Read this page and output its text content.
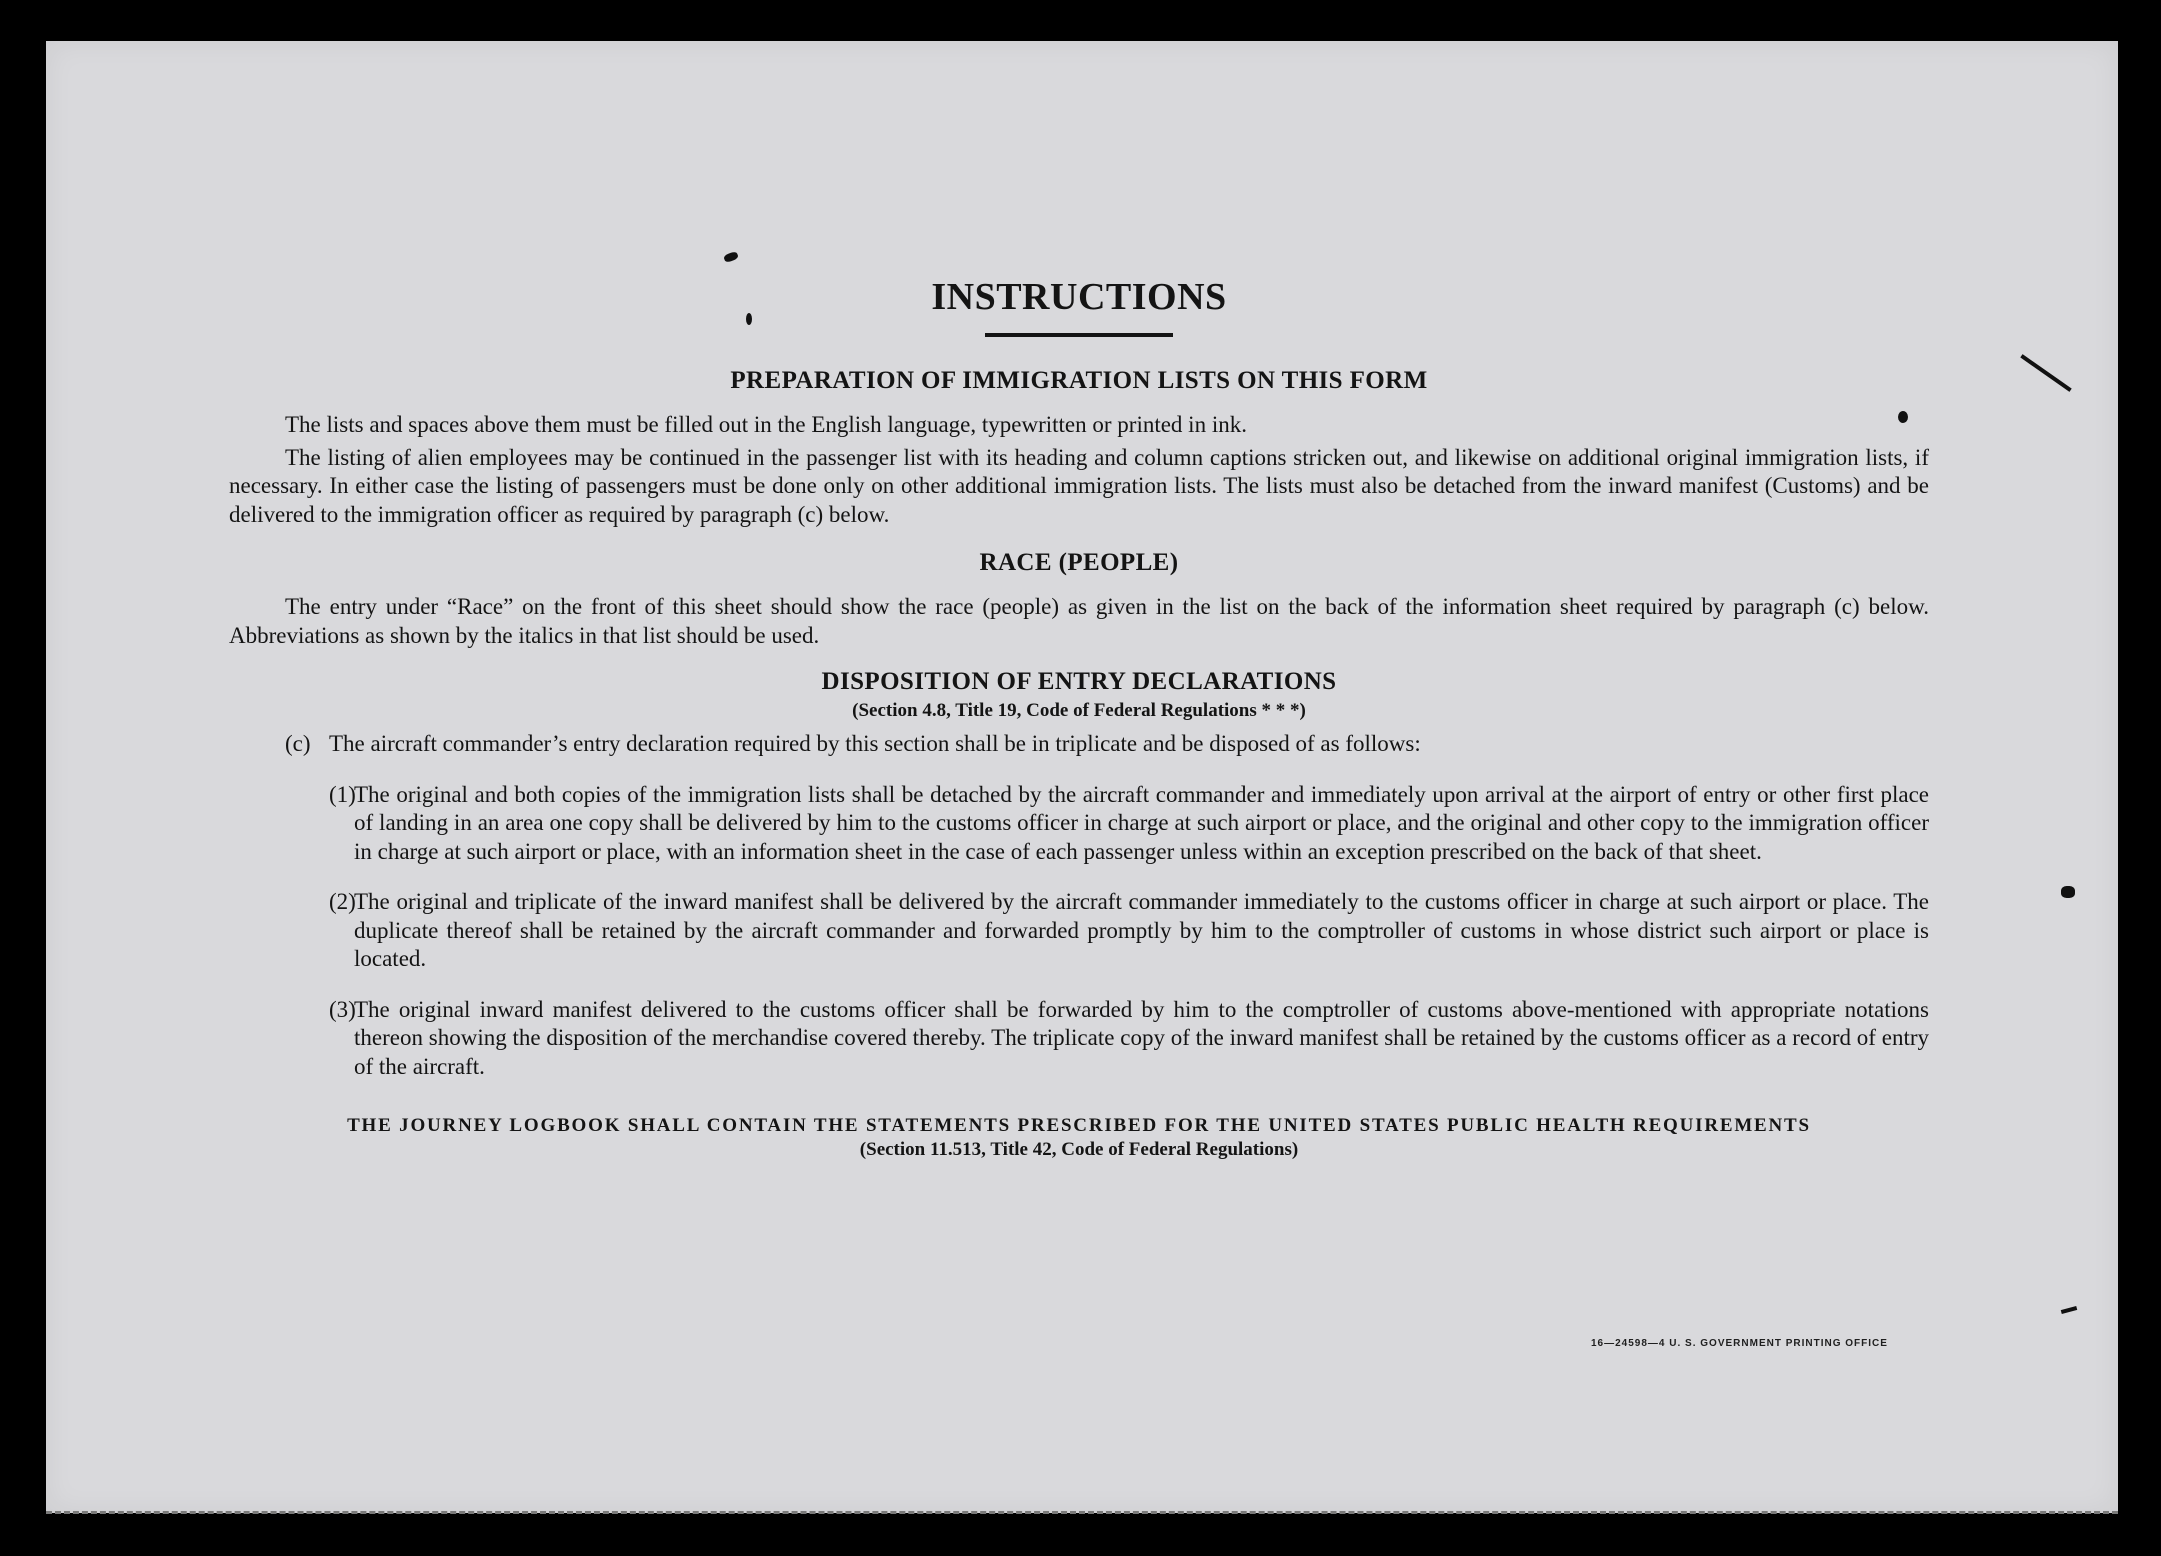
INSTRUCTIONS
PREPARATION OF IMMIGRATION LISTS ON THIS FORM

The lists and spaces above them must be filled out in the English language, typewritten or printed in ink.

The listing of alien employees may be continued in the passenger list with its heading and column captions stricken out, and likewise on additional original immigration lists, if necessary. In either case the listing of passengers must be done only on other additional immigration lists. The lists must also be detached from the inward manifest (Customs) and be delivered to the immigration officer as required by paragraph (c) below.

RACE (PEOPLE)

The entry under “Race” on the front of this sheet should show the race (people) as given in the list on the back of the information sheet required by paragraph (c) below. Abbreviations as shown by the italics in that list should be used.

DISPOSITION OF ENTRY DECLARATIONS

(Section 4.8, Title 19, Code of Federal Regulations * * *)

(c) The aircraft commander’s entry declaration required by this section shall be in triplicate and be disposed of as follows:
(1)
The original and both copies of the immigration lists shall be detached by the aircraft commander and immediately upon arrival at the airport of entry or other first place of landing in an area one copy shall be delivered by him to the customs officer in charge at such airport or place, and the original and other copy to the immigration officer in charge at such airport or place, with an information sheet in the case of each passenger unless within an exception prescribed on the back of that sheet.
(2)
The original and triplicate of the inward manifest shall be delivered by the aircraft commander immediately to the customs officer in charge at such airport or place. The duplicate thereof shall be retained by the aircraft commander and forwarded promptly by him to the comptroller of customs in whose district such airport or place is located.
(3)
The original inward manifest delivered to the customs officer shall be forwarded by him to the comptroller of customs above-mentioned with appropriate notations thereon showing the disposition of the merchandise covered thereby. The triplicate copy of the inward manifest shall be retained by the customs officer as a record of entry of the aircraft.

THE JOURNEY LOGBOOK SHALL CONTAIN THE STATEMENTS PRESCRIBED FOR THE UNITED STATES PUBLIC HEALTH REQUIREMENTS

(Section 11.513, Title 42, Code of Federal Regulations)

16—24598—4 U. S. GOVERNMENT PRINTING OFFICE
